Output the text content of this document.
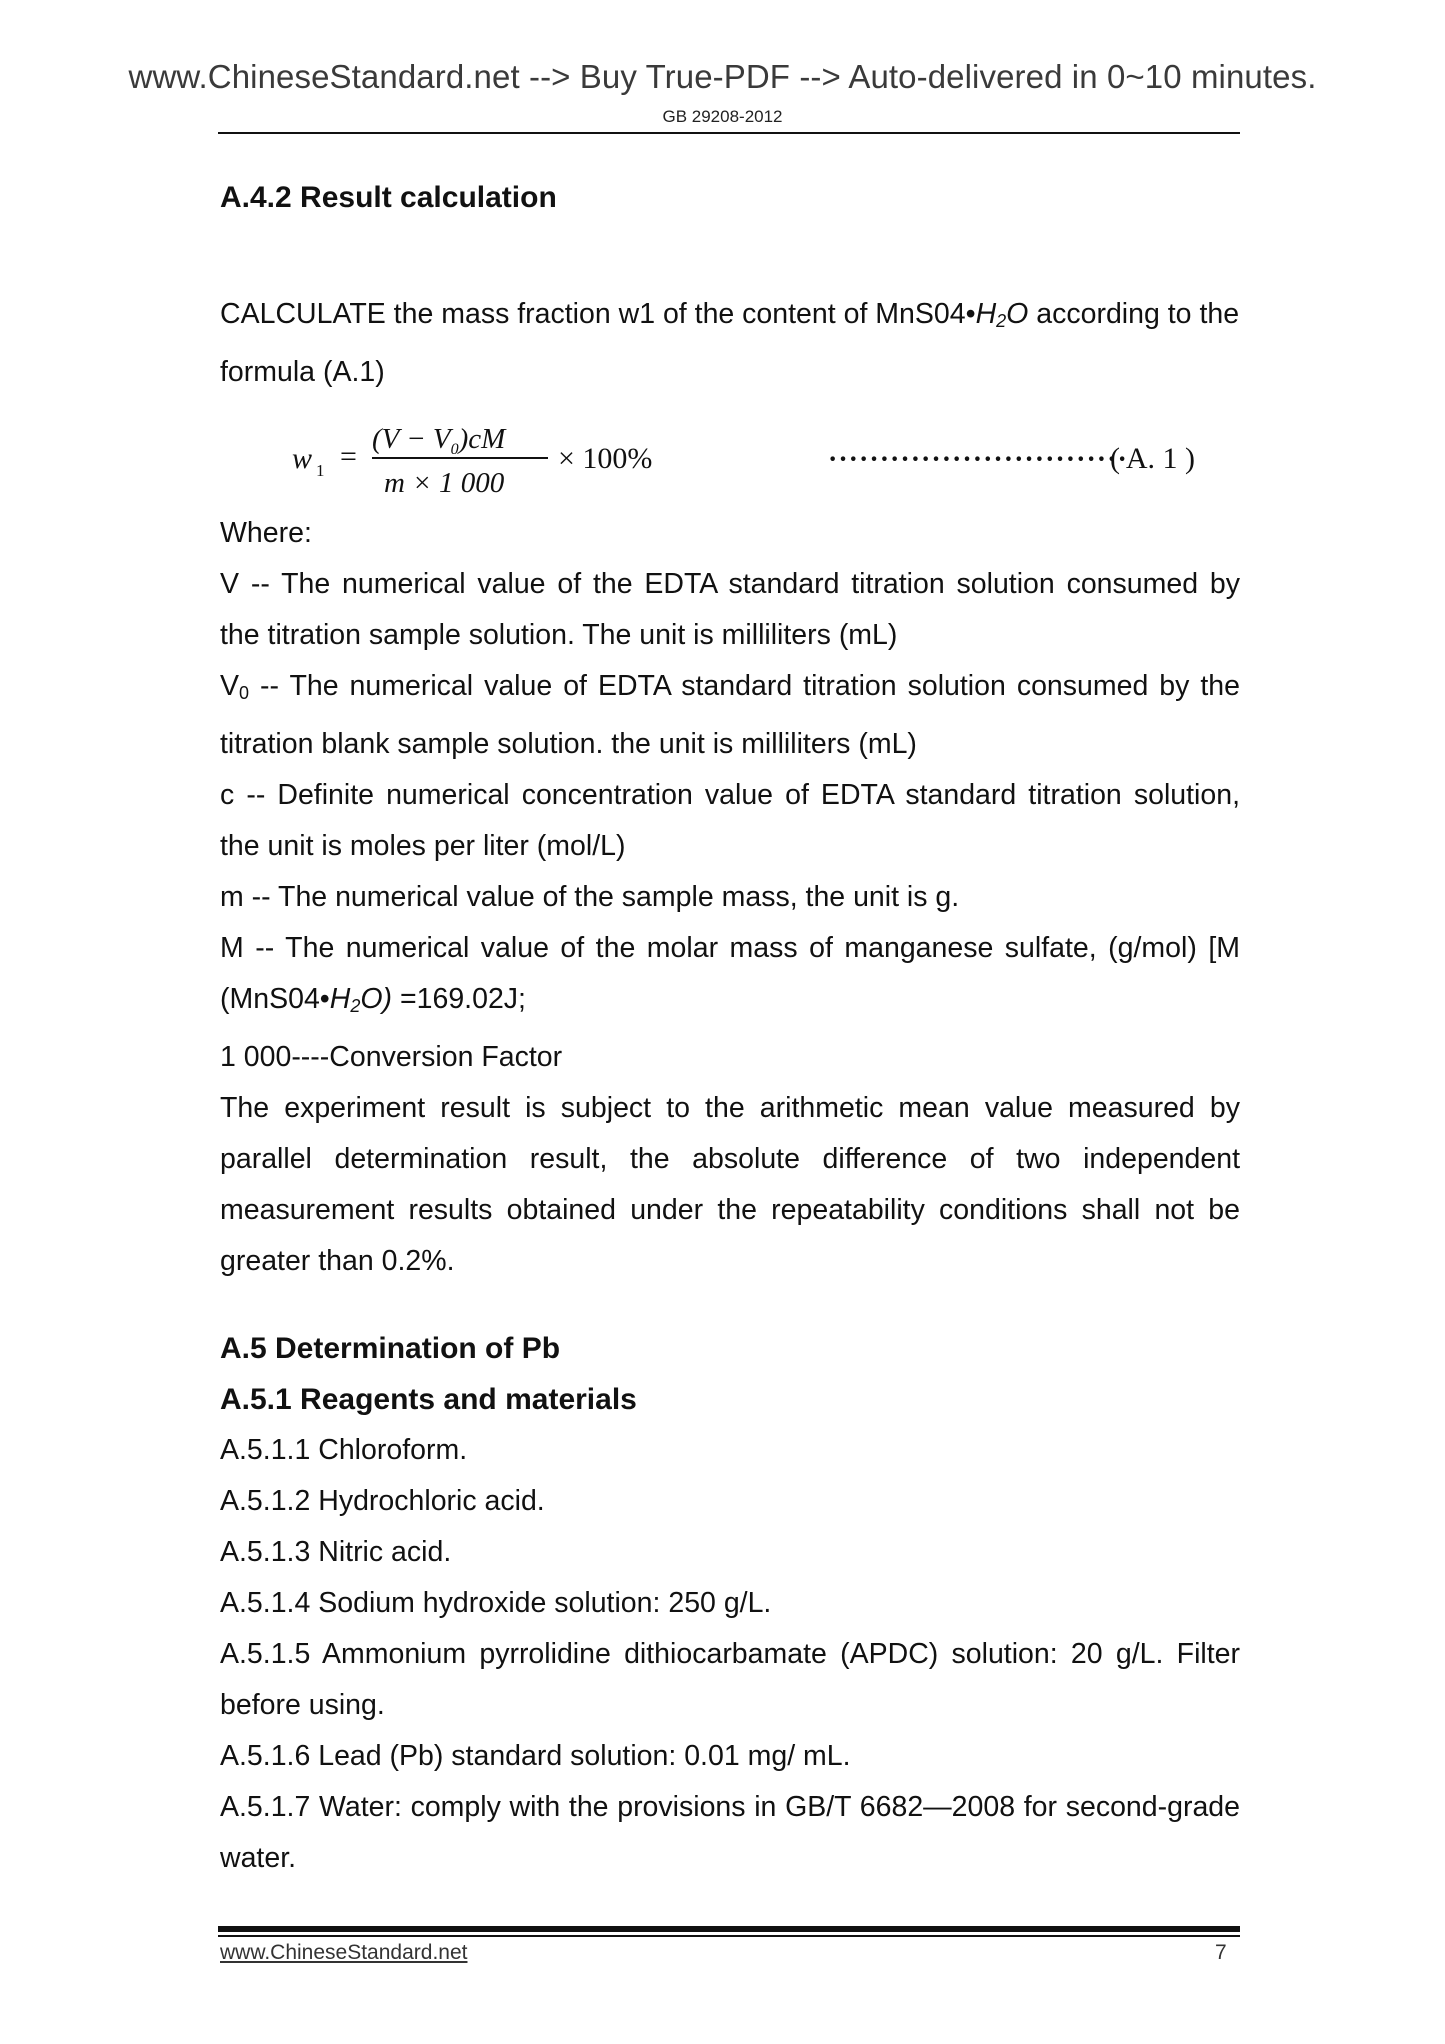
www.ChineseStandard.net --> Buy True-PDF --> Auto-delivered in 0~10 minutes.
GB 29208-2012

A.4.2 Result calculation

CALCULATE the mass fraction w1 of the content of $MnS04•H_2O$ according to the formula (A.1)

w 1 =
$(V - V_0)cM$
m × 1 000
× 100%	·····························
( A. 1 )

Where:

V -- The numerical value of the EDTA standard titration solution consumed by the titration sample solution. The unit is milliliters (mL)

$V_0$ -- The numerical value of EDTA standard titration solution consumed by the titration blank sample solution. the unit is milliliters (mL)

c -- Definite numerical concentration value of EDTA standard titration solution, the unit is moles per liter (mol/L)

m -- The numerical value of the sample mass, the unit is g.

M -- The numerical value of the molar mass of manganese sulfate, (g/mol) [M $(MnS04•H_2O) =169.02J$;

1 000----Conversion Factor

The experiment result is subject to the arithmetic mean value measured by parallel determination result, the absolute difference of two independent measurement results obtained under the repeatability conditions shall not be greater than 0.2%.

A.5 Determination of Pb

A.5.1 Reagents and materials

A.5.1.1 Chloroform.

A.5.1.2 Hydrochloric acid.

A.5.1.3 Nitric acid.

A.5.1.4 Sodium hydroxide solution: 250 g/L.

A.5.1.5 Ammonium pyrrolidine dithiocarbamate (APDC) solution: 20 g/L. Filter before using.

A.5.1.6 Lead (Pb) standard solution: 0.01 mg/ mL.

A.5.1.7 Water: comply with the provisions in GB/T 6682—2008 for second-grade water.

www.ChineseStandard.net	7
